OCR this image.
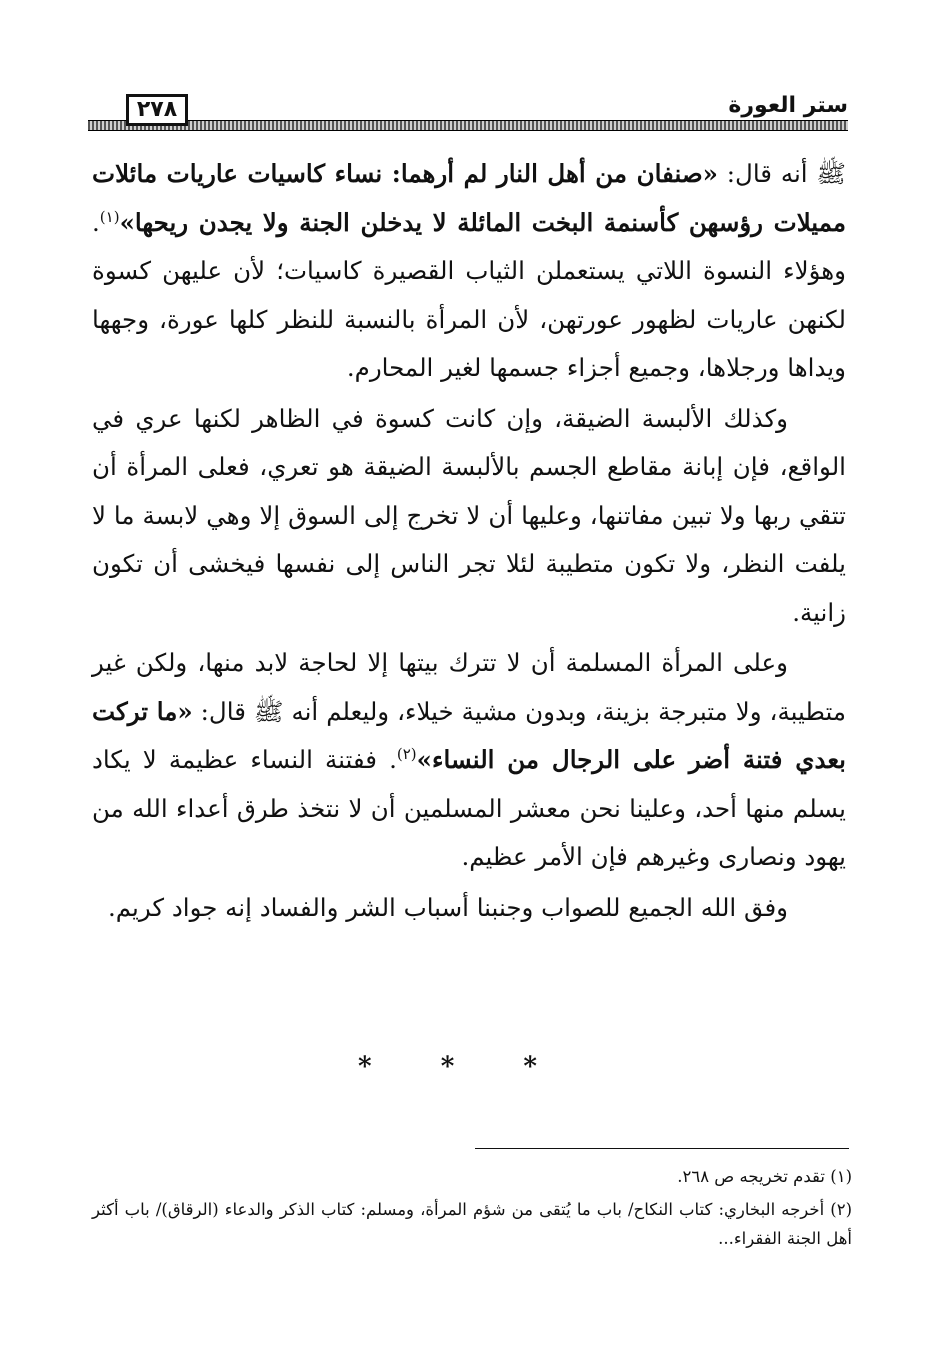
ستر العورة
٢٧٨

ﷺ أنه قال: «صنفان من أهل النار لم أرهما: نساء كاسيات عاريات مائلات مميلات رؤسهن كأسنمة البخت المائلة لا يدخلن الجنة ولا يجدن ريحها»$^{(١)}$. وهؤلاء النسوة اللاتي يستعملن الثياب القصيرة كاسيات؛ لأن عليهن كسوة لكنهن عاريات لظهور عورتهن، لأن المرأة بالنسبة للنظر كلها عورة، وجهها ويداها ورجلاها، وجميع أجزاء جسمها لغير المحارم.

وكذلك الألبسة الضيقة، وإن كانت كسوة في الظاهر لكنها عري في الواقع، فإن إبانة مقاطع الجسم بالألبسة الضيقة هو تعري، فعلى المرأة أن تتقي ربها ولا تبين مفاتنها، وعليها أن لا تخرج إلى السوق إلا وهي لابسة ما لا يلفت النظر، ولا تكون متطيبة لئلا تجر الناس إلى نفسها فيخشى أن تكون زانية.

وعلى المرأة المسلمة أن لا تترك بيتها إلا لحاجة لابد منها، ولكن غير متطيبة، ولا متبرجة بزينة، وبدون مشية خيلاء، وليعلم أنه ﷺ قال: «ما تركت بعدي فتنة أضر على الرجال من النساء»$^{(٢)}$. ففتنة النساء عظيمة لا يكاد يسلم منها أحد، وعلينا نحن معشر المسلمين أن لا نتخذ طرق أعداء الله من يهود ونصارى وغيرهم فإن الأمر عظيم.

وفق الله الجميع للصواب وجنبنا أسباب الشر والفساد إنه جواد كريم.

* * *

(١) تقدم تخريجه ص ٢٦٨.

(٢) أخرجه البخاري: كتاب النكاح/ باب ما يُتقى من شؤم المرأة، ومسلم: كتاب الذكر والدعاء (الرقاق)/ باب أكثر أهل الجنة الفقراء...
